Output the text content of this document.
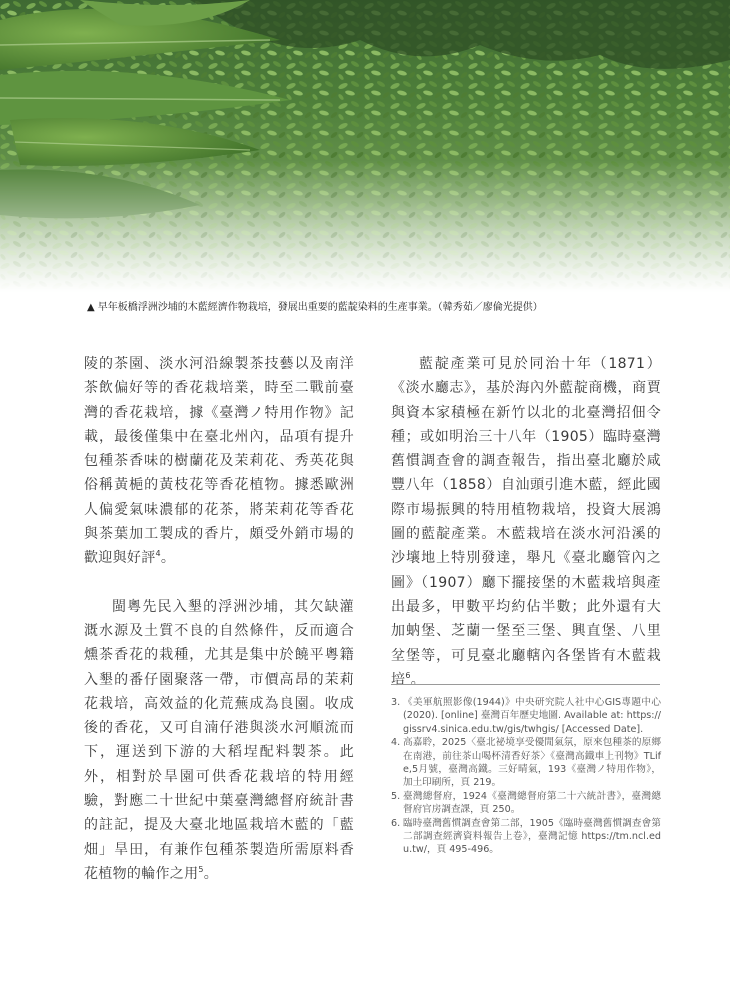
▲ 早年板橋浮洲沙埔的木藍經濟作物栽培，發展出重要的藍靛染料的生產事業。（韓秀茹／廖倫光提供）

陵的茶園、淡水河沿線製茶技藝以及南洋茶飲偏好等的香花栽培業，時至二戰前臺灣的香花栽培，據《臺灣ノ特用作物》記載，最後僅集中在臺北州內，品項有提升包種茶香味的樹蘭花及茉莉花、秀英花與俗稱黃梔的黃枝花等香花植物。據悉歐洲人偏愛氣味濃郁的花茶，將茉莉花等香花與茶葉加工製成的香片，頗受外銷市場的歡迎與好評$^4$。

閩粵先民入墾的浮洲沙埔，其欠缺灌溉水源及土質不良的自然條件，反而適合燻茶香花的栽種，尤其是集中於饒平粵籍入墾的番仔園聚落一帶，市價高昂的茉莉花栽培，高效益的化荒蕪成為良園。收成後的香花，又可自湳仔港與淡水河順流而下，運送到下游的大稻埕配料製茶。此外，相對於旱園可供香花栽培的特用經驗，對應二十世紀中葉臺灣總督府統計書的註記，提及大臺北地區栽培木藍的「藍畑」旱田，有兼作包種茶製造所需原料香花植物的輪作之用$^5$。

藍靛產業可見於同治十年（1871）《淡水廳志》，基於海內外藍靛商機，商賈與資本家積極在新竹以北的北臺灣招佃令種；或如明治三十八年（1905）臨時臺灣舊慣調查會的調查報告，指出臺北廳於咸豐八年（1858）自汕頭引進木藍，經此國際市場振興的特用植物栽培，投資大展鴻圖的藍靛產業。木藍栽培在淡水河沿溪的沙壤地上特別發達，舉凡《臺北廳管內之圖》（1907）廳下擺接堡的木藍栽培與產出最多，甲數平均約佔半數；此外還有大加蚋堡、芝蘭一堡至三堡、興直堡、八里坌堡等，可見臺北廳轄內各堡皆有木藍栽培$^6$。

3. 《美軍航照影像(1944)》中央研究院人社中心GIS專題中心(2020). [online] 臺灣百年歷史地圖. Available at: https://gissrv4.sinica.edu.tw/gis/twhgis/ [Accessed Date].
4. 高嘉聆，2025〈臺北祕境享受優閒氣氛，原來包種茶的原鄉在南港，前往茶山喝杯清香好茶〉《臺灣高鐵車上刊物》TLife,5月號，臺灣高鐵。三好晴氣，193《臺灣ノ特用作物》，加土印刷所，頁 219。
5. 臺灣總督府，1924《臺灣總督府第二十六統計書》，臺灣總督府官房調查課，頁 250。
6. 臨時臺灣舊慣調查會第二部，1905《臨時臺灣舊慣調查會第二部調查經濟資料報告上卷》，臺灣記憶 https://tm.ncl.edu.tw/，頁 495-496。
